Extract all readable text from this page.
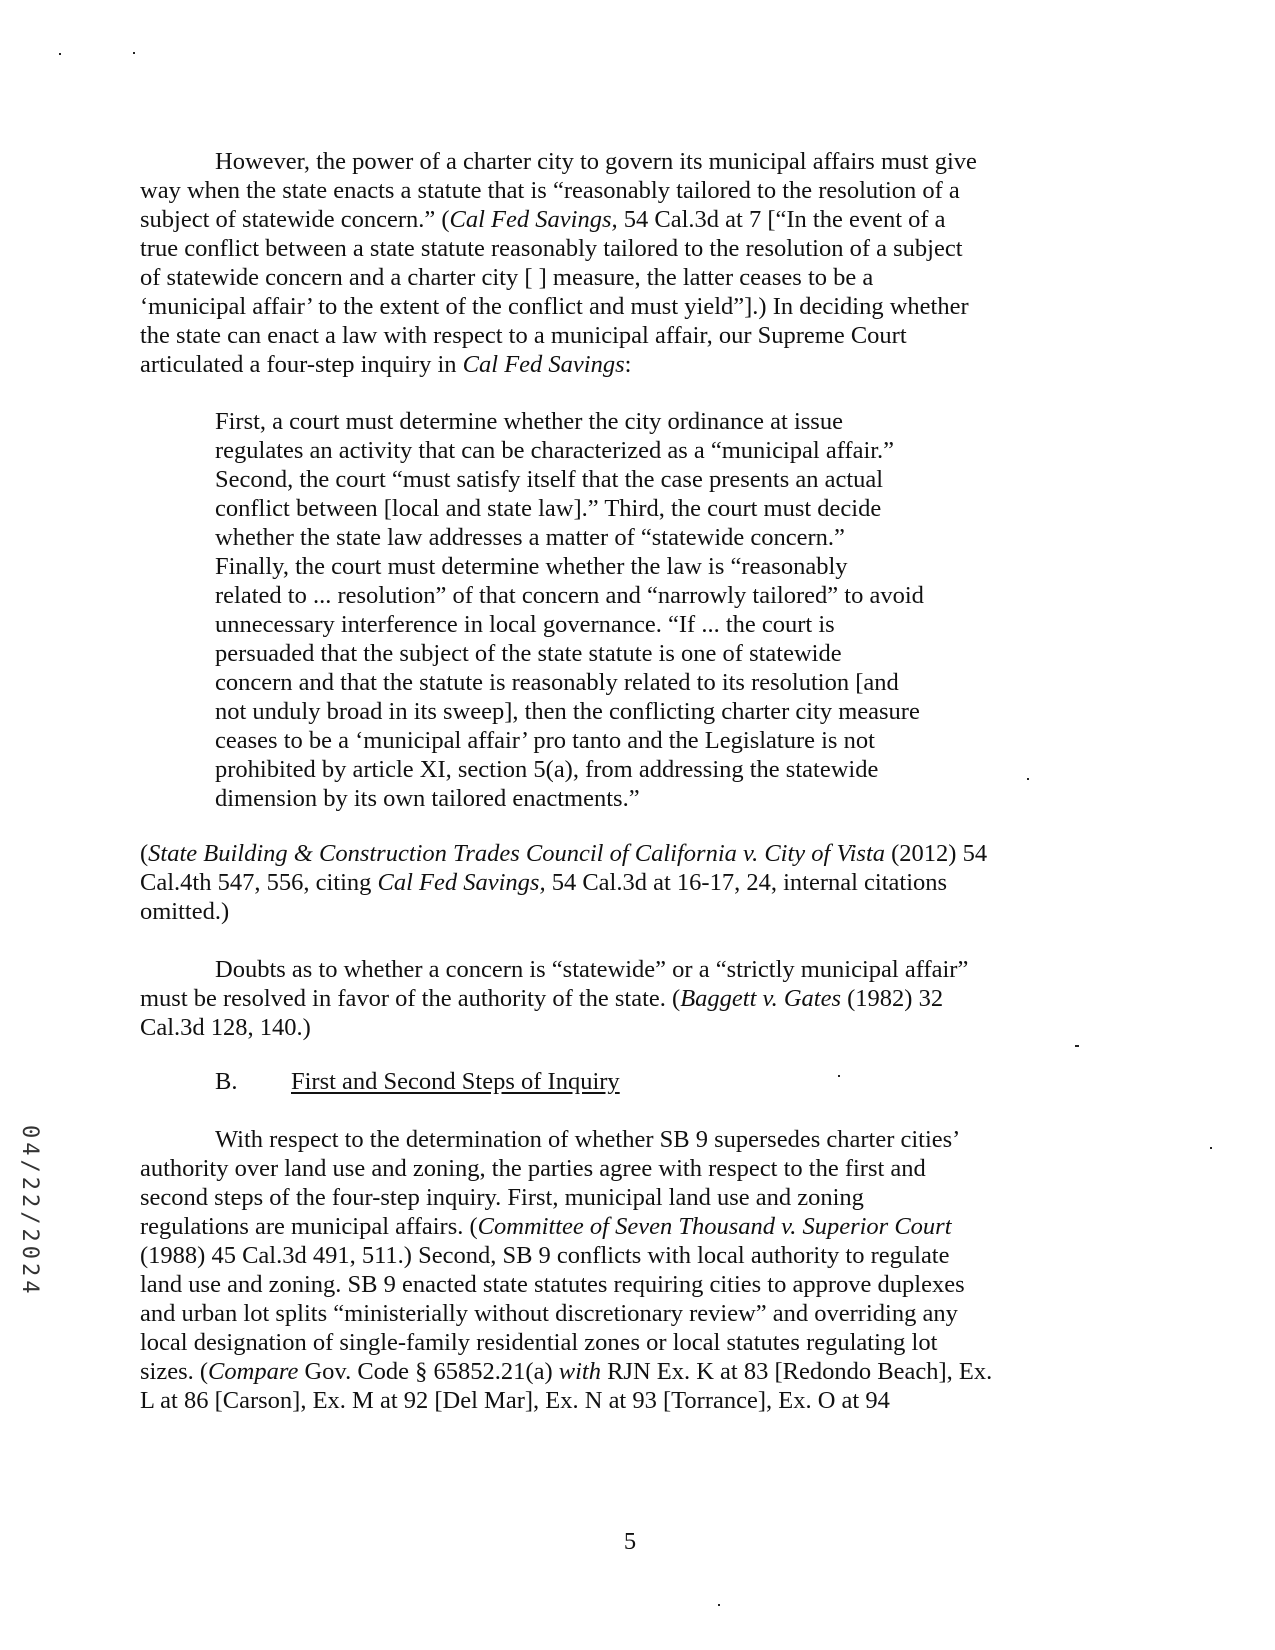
04/22/2024
However, the power of a charter city to govern its municipal affairs must give
way when the state enacts a statute that is “reasonably tailored to the resolution of a
subject of statewide concern.” (Cal Fed Savings, 54 Cal.3d at 7 [“In the event of a
true conflict between a state statute reasonably tailored to the resolution of a subject
of statewide concern and a charter city [ ] measure, the latter ceases to be a
‘municipal affair’ to the extent of the conflict and must yield”].) In deciding whether
the state can enact a law with respect to a municipal affair, our Supreme Court
articulated a four-step inquiry in Cal Fed Savings:
First, a court must determine whether the city ordinance at issue
regulates an activity that can be characterized as a “municipal affair.”
Second, the court “must satisfy itself that the case presents an actual
conflict between [local and state law].” Third, the court must decide
whether the state law addresses a matter of “statewide concern.”
Finally, the court must determine whether the law is “reasonably
related to ... resolution” of that concern and “narrowly tailored” to avoid
unnecessary interference in local governance. “If ... the court is
persuaded that the subject of the state statute is one of statewide
concern and that the statute is reasonably related to its resolution [and
not unduly broad in its sweep], then the conflicting charter city measure
ceases to be a ‘municipal affair’ pro tanto and the Legislature is not
prohibited by article XI, section 5(a), from addressing the statewide
dimension by its own tailored enactments.”
(State Building & Construction Trades Council of California v. City of Vista (2012) 54
Cal.4th 547, 556, citing Cal Fed Savings, 54 Cal.3d at 16-17, 24, internal citations
omitted.)
Doubts as to whether a concern is “statewide” or a “strictly municipal affair”
must be resolved in favor of the authority of the state. (Baggett v. Gates (1982) 32
Cal.3d 128, 140.)
B. First and Second Steps of Inquiry
With respect to the determination of whether SB 9 supersedes charter cities’
authority over land use and zoning, the parties agree with respect to the first and
second steps of the four-step inquiry. First, municipal land use and zoning
regulations are municipal affairs. (Committee of Seven Thousand v. Superior Court
(1988) 45 Cal.3d 491, 511.) Second, SB 9 conflicts with local authority to regulate
land use and zoning. SB 9 enacted state statutes requiring cities to approve duplexes
and urban lot splits “ministerially without discretionary review” and overriding any
local designation of single-family residential zones or local statutes regulating lot
sizes. (Compare Gov. Code § 65852.21(a) with RJN Ex. K at 83 [Redondo Beach], Ex.
L at 86 [Carson], Ex. M at 92 [Del Mar], Ex. N at 93 [Torrance], Ex. O at 94
5
